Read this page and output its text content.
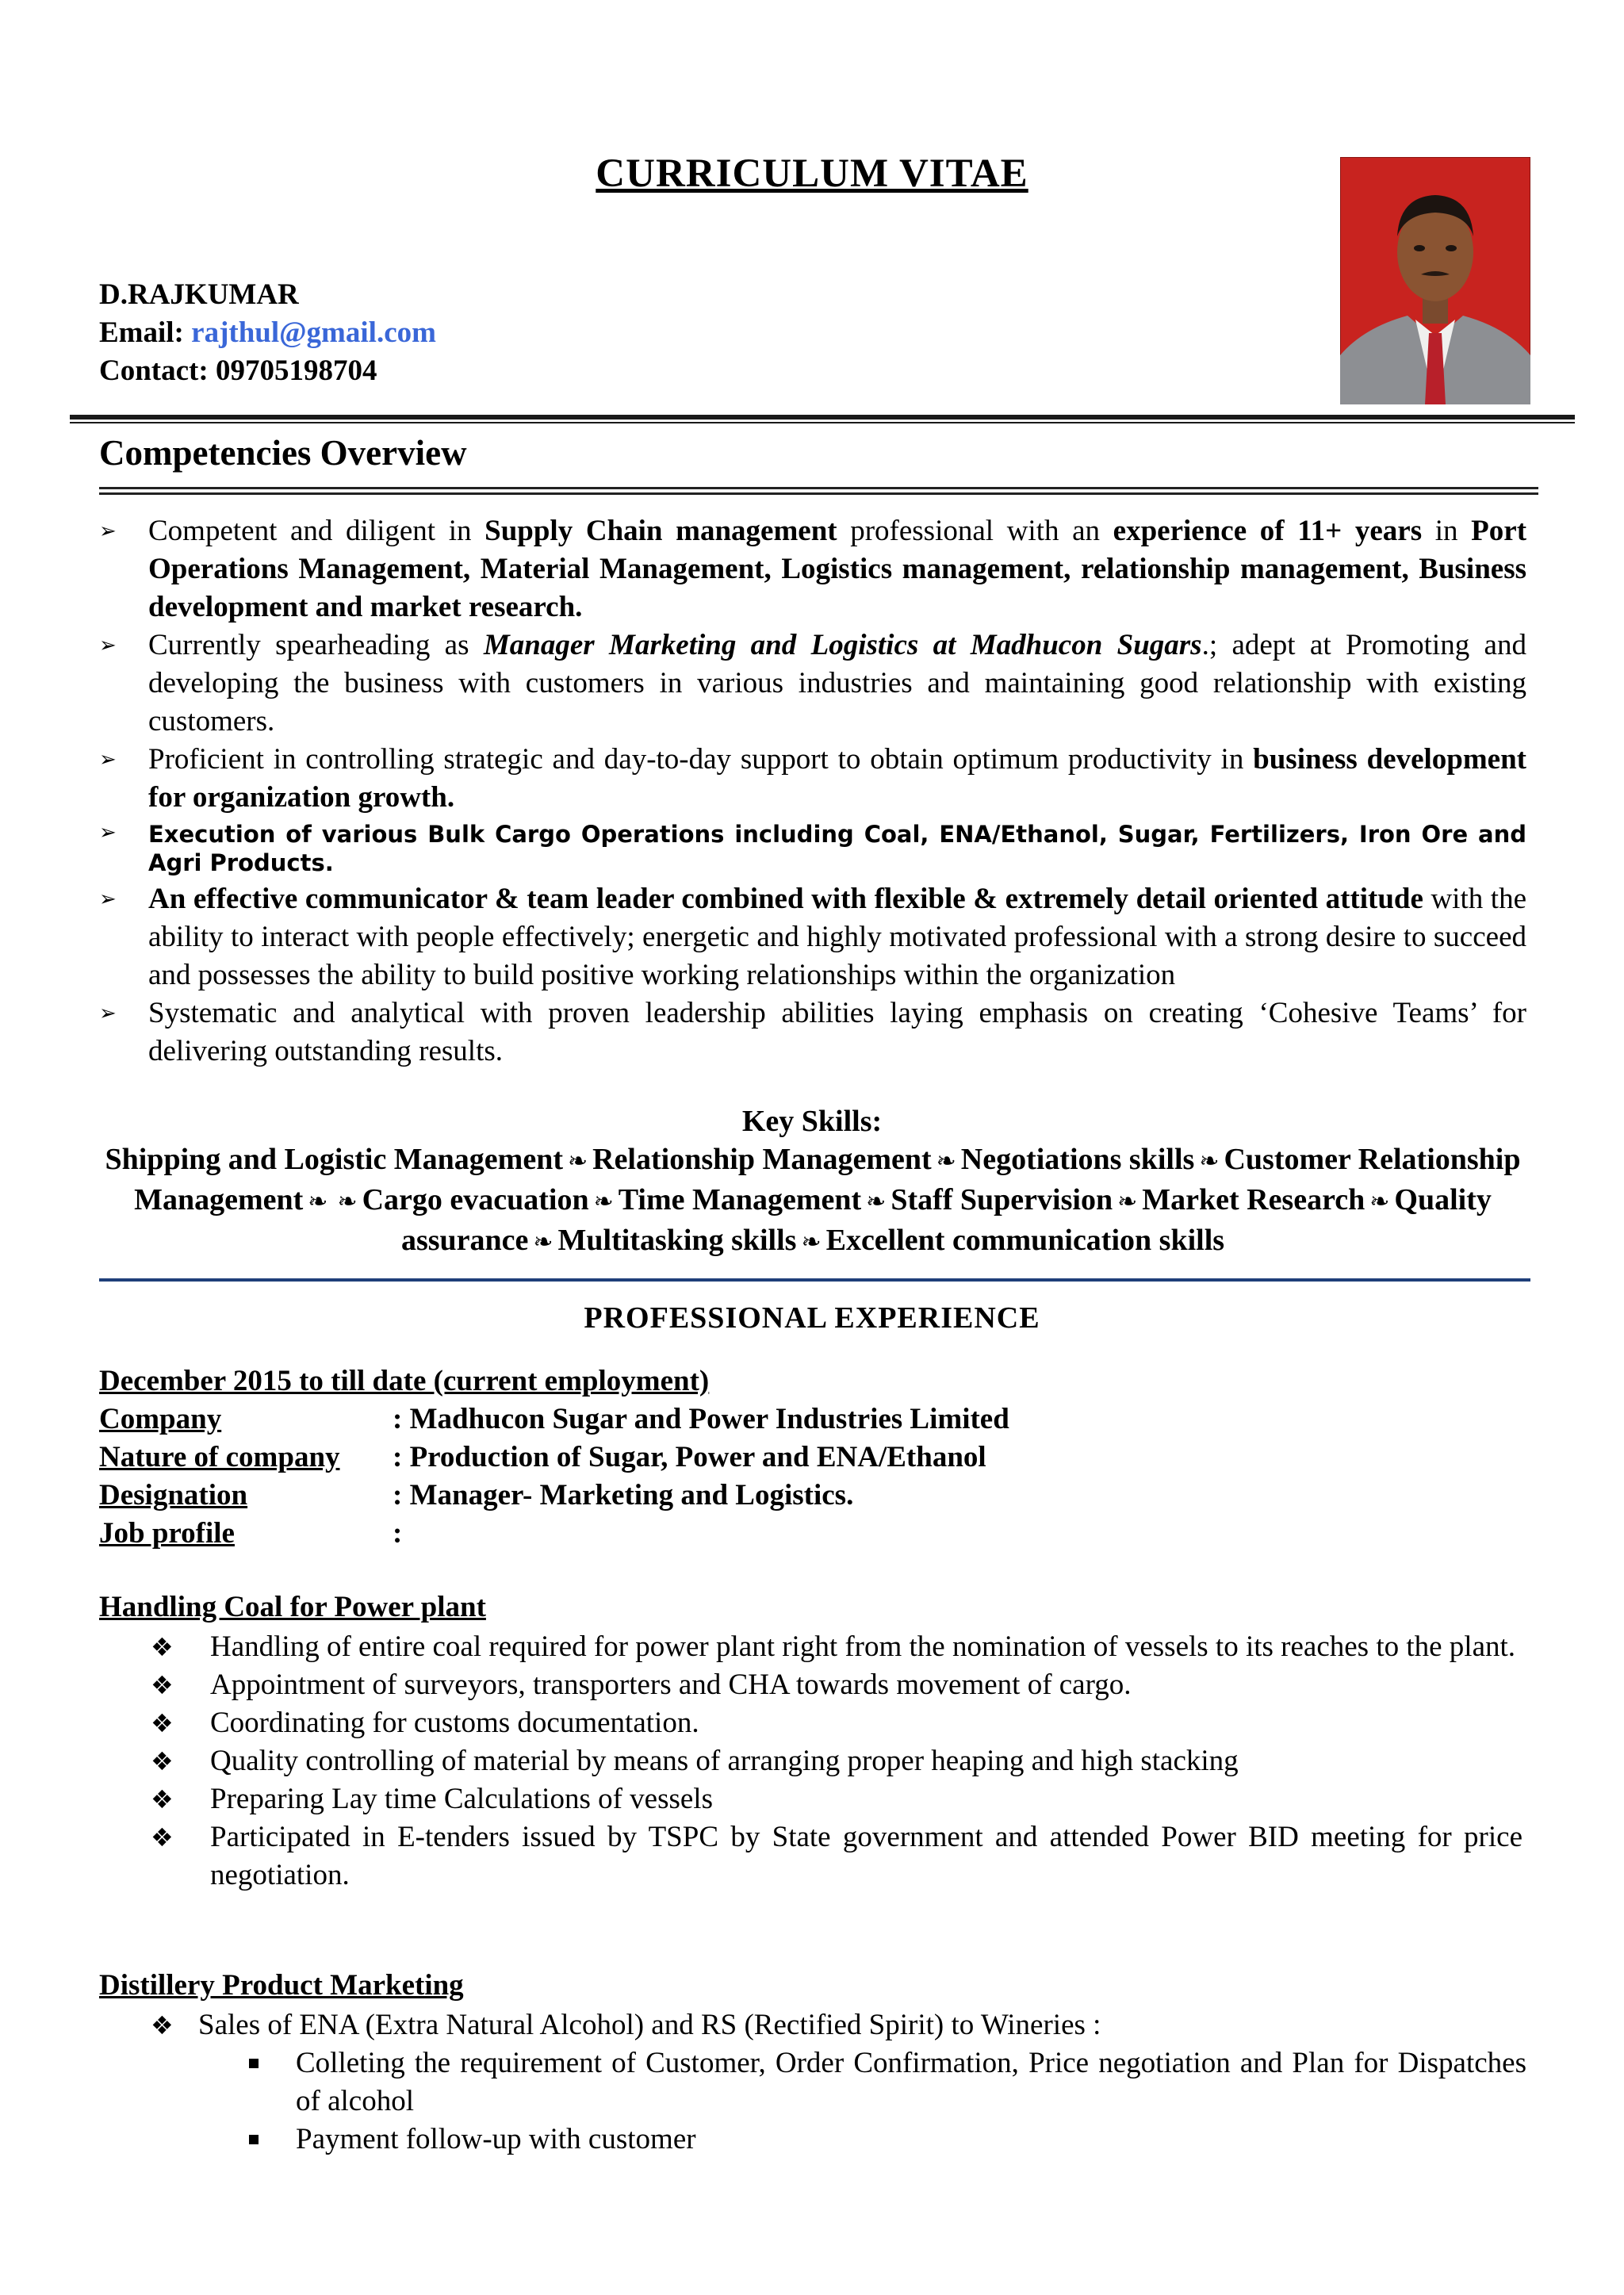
CURRICULUM VITAE
D.RAJKUMAR
Email: rajthul@gmail.com
Contact: 09705198704
Competencies Overview
➢ Competent and diligent in Supply Chain management professional with an experience of 11+ years in Port Operations Management, Material Management, Logistics management, relationship management, Business development and market research.
➢ Currently spearheading as Manager Marketing and Logistics at Madhucon Sugars.; adept at Promoting and developing the business with customers in various industries and maintaining good relationship with existing customers.
➢ Proficient in controlling strategic and day-to-day support to obtain optimum productivity in business development for organization growth.
➢ Execution of various Bulk Cargo Operations including Coal, ENA/Ethanol, Sugar, Fertilizers, Iron Ore and Agri Products.
➢ An effective communicator & team leader combined with flexible & extremely detail oriented attitude with the ability to interact with people effectively; energetic and highly motivated professional with a strong desire to succeed and possesses the ability to build positive working relationships within the organization
➢ Systematic and analytical with proven leadership abilities laying emphasis on creating ‘Cohesive Teams’ for delivering outstanding results.
Key Skills:
Shipping and Logistic Management ❧ Relationship Management ❧ Negotiations skills ❧ Customer Relationship Management ❧ ❧ Cargo evacuation ❧ Time Management ❧ Staff Supervision ❧ Market Research ❧ Quality assurance ❧ Multitasking skills ❧ Excellent communication skills
PROFESSIONAL EXPERIENCE
December 2015 to till date (current employment)
Company	: Madhucon Sugar and Power Industries Limited
Nature of company : Production of Sugar, Power and ENA/Ethanol
Designation	: Manager- Marketing and Logistics.
Job profile	:
Handling Coal for Power plant
❖ Handling of entire coal required for power plant right from the nomination of vessels to its reaches to the plant.
❖ Appointment of surveyors, transporters and CHA towards movement of cargo.
❖ Coordinating for customs documentation.
❖ Quality controlling of material by means of arranging proper heaping and high stacking
❖ Preparing Lay time Calculations of vessels
❖ Participated in E-tenders issued by TSPC by State government and attended Power BID meeting for price negotiation.
Distillery Product Marketing
❖ Sales of ENA (Extra Natural Alcohol) and RS (Rectified Spirit) to Wineries :
Colleting the requirement of Customer, Order Confirmation, Price negotiation and Plan for Dispatches of alcohol
Payment follow-up with customer
